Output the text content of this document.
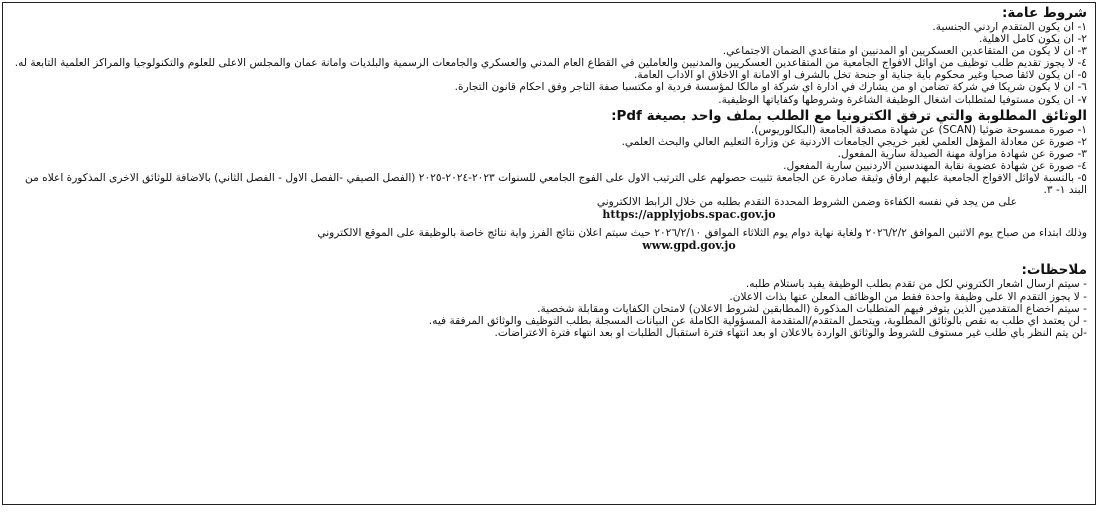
شروط عامة:
١- ان يكون المتقدم اردني الجنسية.
٢- ان يكون كامل الاهلية.
٣- ان لا يكون من المتقاعدين العسكريين او المدنيين او متقاعدي الضمان الاجتماعي.
٤- لا يجوز تقديم طلب توظيف من اوائل الافواج الجامعية من المتقاعدين العسكريين والمدنيين والعاملين في القطاع العام المدني والعسكري والجامعات الرسمية والبلديات وامانة عمان والمجلس الاعلى للعلوم والتكنولوجيا والمراكز العلمية التابعة له.
٥- ان يكون لائقا صحيا وغير محكوم باية جناية او جنحة تخل بالشرف او الامانة او الاخلاق او الاداب العامة.
٦- ان لا يكون شريكا في شركة تضامن او من يشارك في ادارة اي شركة او مالكا لمؤسسة فردية او مكتسبا صفة التاجر وفق احكام قانون التجارة.
٧- ان يكون مستوفيا لمتطلبات اشغال الوظيفة الشاغرة وشروطها وكفاياتها الوظيفية.
الوثائق المطلوبة والتي ترفق الكترونيا مع الطلب بملف واحد بصيغة Pdf:
١- صورة ممسوحة ضوئيا (SCAN) عن شهادة مصدقة الجامعة (البكالوريوس).
٢- صورة عن معادلة المؤهل العلمي لغير خريجي الجامعات الاردنية عن وزارة التعليم العالي والبحث العلمي.
٣- صورة عن شهادة مزاولة مهنة الصيدلة سارية المفعول.
٤- صورة عن شهادة عضوية نقابة المهندسين الاردنيين سارية المفعول.
٥- بالنسبة لاوائل الافواج الجامعية عليهم ارفاق وثيقة صادرة عن الجامعة تثبيت حصولهم على الترتيب الاول على الفوج الجامعي للسنوات ٢٠٢٣-٢٠٢٤-٢٠٢٥ (الفصل الصيفي -الفصل الاول - الفصل الثاني) بالاضافة للوثائق الاخرى المذكورة اعلاه من البند ١- ٣.
على من يجد في نفسه الكفاءة وضمن الشروط المحددة التقدم بطلبه من خلال الرابط الالكتروني
https://applyjobs.spac.gov.jo
وذلك ابتداء من صباح يوم الاثنين الموافق ٢٠٢٦/٢/٢ ولغاية نهاية دوام يوم الثلاثاء الموافق ٢٠٢٦/٢/١٠ حيث سيتم اعلان نتائج الفرز واية نتائج خاصة بالوظيفة على الموقع الالكتروني
www.gpd.gov.jo
ملاحظات:
- سيتم ارسال اشعار الكتروني لكل من تقدم بطلب الوظيفة يفيد باستلام طلبه.
- لا يجوز التقدم الا على وظيفة واحدة فقط من الوظائف المعلن عنها بذات الاعلان.
- سيتم اخضاع المتقدمين الذين يتوفر فيهم المتطلبات المذكورة (المطابقين لشروط الاعلان) لامتحان الكفايات ومقابلة شخصية.
- لن يعتمد اي طلب به نقص بالوثائق المطلوبة، ويتحمل المتقدم/المتقدمة المسؤولية الكاملة عن البيانات المسجلة بطلب التوظيف والوثائق المرفقة فيه.
-لن يتم النظر بأي طلب غير مستوف للشروط والوثائق الواردة بالاعلان او بعد انتهاء فترة استقبال الطلبات او بعد انتهاء فترة الاعتراضات.
